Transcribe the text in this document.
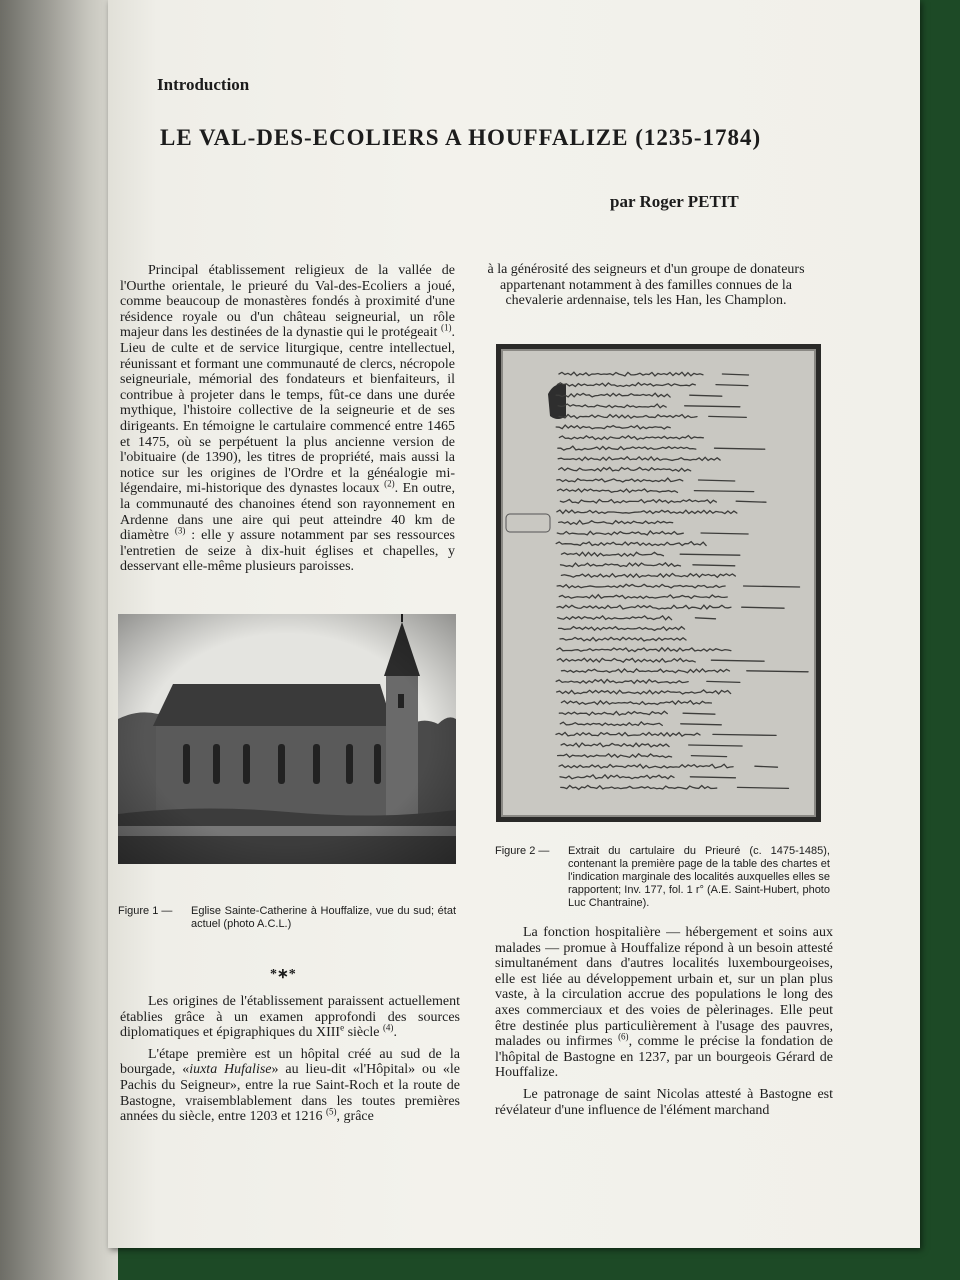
Introduction
LE VAL-DES-ECOLIERS A HOUFFALIZE (1235-1784)
par Roger PETIT

Principal établissement religieux de la vallée de l'Ourthe orientale, le prieuré du Val-des-Ecoliers a joué, comme beaucoup de monastères fondés à proximité d'une résidence royale ou d'un château seigneurial, un rôle majeur dans les destinées de la dynastie qui le protégeait $^{(1)}$. Lieu de culte et de service liturgique, centre intellectuel, réunissant et formant une communauté de clercs, nécropole seigneuriale, mémorial des fondateurs et bienfaiteurs, il contribue à projeter dans le temps, fût-ce dans une durée mythique, l'histoire collective de la seigneurie et de ses dirigeants. En témoigne le cartulaire commencé entre 1465 et 1475, où se perpétuent la plus ancienne version de l'obituaire (de 1390), les titres de propriété, mais aussi la notice sur les origines de l'Ordre et la généalogie mi-légendaire, mi-historique des dynastes locaux $^{(2)}$. En outre, la communauté des chanoines étend son rayonnement en Ardenne dans une aire qui peut atteindre 40 km de diamètre $^{(3)}$ : elle y assure notamment par ses ressources l'entretien de seize à dix-huit églises et chapelles, y desservant elle-même plusieurs paroisses.

à la générosité des seigneurs et d'un groupe de donateurs appartenant notamment à des familles connues de la chevalerie ardennaise, tels les Han, les Champlon.
Figure 1 — Eglise Sainte-Catherine à Houffalize, vue du sud; état actuel (photo A.C.L.)
Figure 2 — Extrait du cartulaire du Prieuré (c. 1475-1485), contenant la première page de la table des chartes et l'indication marginale des localités auxquelles elles se rapportent; Inv. 177, fol. 1 r° (A.E. Saint-Hubert, photo Luc Chantraine).
*∗*

Les origines de l'établissement paraissent actuellement établies grâce à un examen approfondi des sources diplomatiques et épigraphiques du XIIIe siècle $^{(4)}$.

L'étape première est un hôpital créé au sud de la bourgade, «iuxta Hufalise» au lieu-dit «l'Hôpital» ou «le Pachis du Seigneur», entre la rue Saint-Roch et la route de Bastogne, vraisemblablement dans les toutes premières années du siècle, entre 1203 et 1216 $^{(5)}$, grâce

La fonction hospitalière — hébergement et soins aux malades — promue à Houffalize répond à un besoin attesté simultanément dans d'autres localités luxembourgeoises, elle est liée au développement urbain et, sur un plan plus vaste, à la circulation accrue des populations le long des axes commerciaux et des voies de pèlerinages. Elle peut être destinée plus particulièrement à l'usage des pauvres, malades ou infirmes $^{(6)}$, comme le précise la fondation de l'hôpital de Bastogne en 1237, par un bourgeois Gérard de Houffalize.

Le patronage de saint Nicolas attesté à Bastogne est révélateur d'une influence de l'élément marchand
